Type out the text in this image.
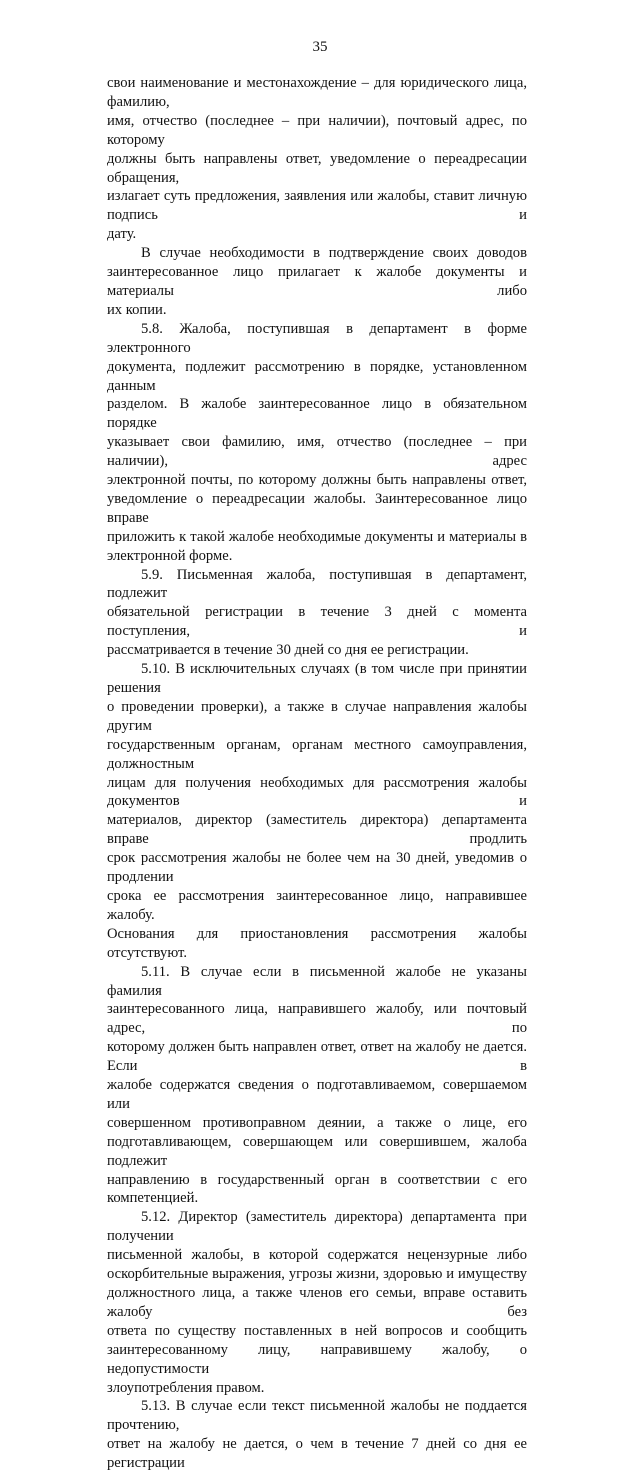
35

свои наименование и местонахождение – для юридического лица, фамилию,

имя, отчество (последнее – при наличии), почтовый адрес, по которому

должны быть направлены ответ, уведомление о переадресации обращения,

излагает суть предложения, заявления или жалобы, ставит личную подпись и

дату.

В случае необходимости в подтверждение своих доводов

заинтересованное лицо прилагает к жалобе документы и материалы либо

их копии.

5.8. Жалоба, поступившая в департамент в форме электронного

документа, подлежит рассмотрению в порядке, установленном данным

разделом. В жалобе заинтересованное лицо в обязательном порядке

указывает свои фамилию, имя, отчество (последнее – при наличии), адрес

электронной почты, по которому должны быть направлены ответ,

уведомление о переадресации жалобы. Заинтересованное лицо вправе

приложить к такой жалобе необходимые документы и материалы в

электронной форме.

5.9. Письменная жалоба, поступившая в департамент, подлежит

обязательной регистрации в течение 3 дней с момента поступления, и

рассматривается в течение 30 дней со дня ее регистрации.

5.10. В исключительных случаях (в том числе при принятии решения

о проведении проверки), а также в случае направления жалобы другим

государственным органам, органам местного самоуправления, должностным

лицам для получения необходимых для рассмотрения жалобы документов и

материалов, директор (заместитель директора) департамента вправе продлить

срок рассмотрения жалобы не более чем на 30 дней, уведомив о продлении

срока ее рассмотрения заинтересованное лицо, направившее жалобу.

Основания для приостановления рассмотрения жалобы отсутствуют.

5.11. В случае если в письменной жалобе не указаны фамилия

заинтересованного лица, направившего жалобу, или почтовый адрес, по

которому должен быть направлен ответ, ответ на жалобу не дается. Если в

жалобе содержатся сведения о подготавливаемом, совершаемом или

совершенном противоправном деянии, а также о лице, его

подготавливающем, совершающем или совершившем, жалоба подлежит

направлению в государственный орган в соответствии с его компетенцией.

5.12. Директор (заместитель директора) департамента при получении

письменной жалобы, в которой содержатся нецензурные либо

оскорбительные выражения, угрозы жизни, здоровью и имуществу

должностного лица, а также членов его семьи, вправе оставить жалобу без

ответа по существу поставленных в ней вопросов и сообщить

заинтересованному лицу, направившему жалобу, о недопустимости

злоупотребления правом.

5.13. В случае если текст письменной жалобы не поддается прочтению,

ответ на жалобу не дается, о чем в течение 7 дней со дня ее регистрации
